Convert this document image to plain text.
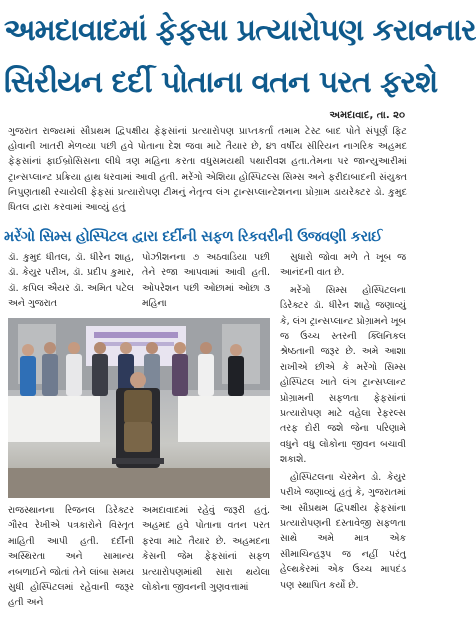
અમદાવાદમાં ફેફસા પ્રત્યારોપણ કરાવનાર
સિરીયન દર્દી પોતાના વતન પરત ફરશે
અમદાવાદ, તા. ૨૦
ગુજરાત રાજ્યમાં સૌપ્રથમ દ્વિપક્ષીય ફેફસાંનાં પ્રત્યારોપણ પ્રાપ્તકર્તા તમામ ટેસ્ટ બાદ પોતે સંપૂર્ણ ફિટ હોવાની ખાતરી મેળવ્યા પછી હવે પોતાના દેશ જવા માટે તૈયાર છે, ૪૧ વર્ષીય સીરિયન નાગરિક અહમદ ફેફસાંનાં ફાઈબ્રોસિસના લીધે ત્રણ મહિના કરતા વધુસમયથી પથારીવશ હતા.તેમના પર જાન્યુઆરીમાં ટ્રાન્સપ્લાન્ટ પ્રક્રિયા હાથ ધરવામાં આવી હતી. મરેંગો એશિયા હોસ્પિટલ્સ સિમ્સ અને ફરીદાબાદની સંયુક્ત નિપુણતાથી રચાયેલી ફેફસાં પ્રત્યારોપણ ટીમનું નેતૃત્વ લંગ ટ્રાન્સપ્લાન્ટેશનના પ્રોગ્રામ ડાયરેક્ટર ડો. કુમુદ ધિતલ દ્વારા કરવામાં આવ્યું હતું
મરેંગો સિમ્સ હોસ્પિટલ દ્વારા દર્દીની સફળ રિકવરીની ઉજવણી કરાઈ
ડૉ. કુમુદ ધીતલ, ડૉ. ધીરેન શાહ, ડૉ. કેયુર પરીખ, ડૉ. પ્રદીપ કુમાર, ડૉ. કપિલ ઐયર ડૉ. અમિત પટેલ અને ગુજરાત
પોઝીશનના ૭ અઠવાડિયા પછી તેને રજા આપવામાં આવી હતી. ઓપરેશન પછી ઓછામાં ઓછા ૩ મહિના

સુધારો જોવા મળે તે ખૂબ જ આનંદની વાત છે.

મરેંગો સિમ્સ હોસ્પિટલના ડિરેક્ટર ડૉ. ધીરેન શાહે જણાવ્યું કે, લંગ ટ્રાન્સપ્લાન્ટ પ્રોગ્રામને ખૂબ જ ઉચ્ચ સ્તરની ક્લિનિકલ શ્રેષ્ઠતાની જરૂર છે. અમે આશા રાખીએ છીએ કે મરેંગો સિમ્સ હોસ્પિટલ ખાતે લંગ ટ્રાન્સપ્લાન્ટ પ્રોગ્રામની સફળતા ફેફસાંનાં પ્રત્યારોપણ માટે વહેલા રેફરલ્સ તરફ દોરી જશે જેના પરિણામે વધુને વધુ લોકોના જીવન બચાવી શકાશે.

હોસ્પિટલના ચેરમેન ડો. કેયુર પરીખે જણાવ્યું હતું કે, ગુજરાતમાં આ સૌપ્રથમ દ્વિપક્ષીય ફેફસાંના પ્રત્યારોપણની દસ્તાવેજી સફળતા સાથે અમે માત્ર એક સીમાચિન્હરૂપ જ નહીં પરંતુ હેલ્થકેરમાં એક ઉચ્ચ માપદંડ પણ સ્થાપિત કર્યો છે.

રાજસ્થાનના રિજનલ ડિરેક્ટર ગૌરવ રેખીએ પત્રકારોને વિસ્તૃત માહિતી આપી હતી. દર્દીની અસ્થિરતા અને સામાન્ય નબળાઈને જોતાં તેને લાંબા સમય સુધી હોસ્પિટલમાં રહેવાની જરૂર હતી અને
અમદાવાદમાં રહેવું જરૂરી હતું. અહમદ હવે પોતાના વતન પરત ફરવા માટે તૈયાર છે. અહમદના કેસની જેમ ફેફસાંનાં સફળ પ્રત્યારોપણમાંથી સારા થયેલા લોકોના જીવનની ગુણવત્તામાં
